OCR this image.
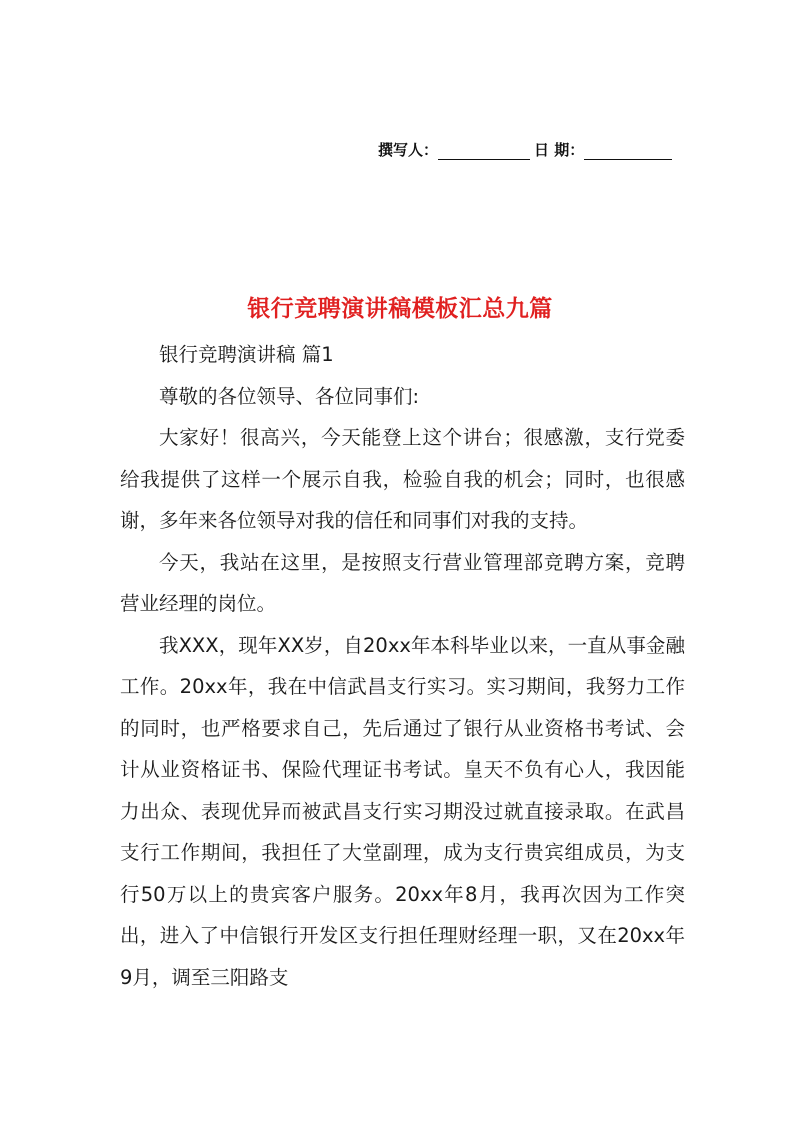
撰写人：	日 期：
银行竞聘演讲稿模板汇总九篇

银行竞聘演讲稿 篇1

尊敬的各位领导、各位同事们:

大家好！很高兴，今天能登上这个讲台；很感激，支行党委给我提供了这样一个展示自我，检验自我的机会；同时，也很感谢，多年来各位领导对我的信任和同事们对我的支持。

今天，我站在这里，是按照支行营业管理部竞聘方案，竞聘营业经理的岗位。

我XXX，现年XX岁，自20xx年本科毕业以来，一直从事金融工作。20xx年，我在中信武昌支行实习。实习期间，我努力工作的同时，也严格要求自己，先后通过了银行从业资格书考试、会计从业资格证书、保险代理证书考试。皇天不负有心人，我因能力出众、表现优异而被武昌支行实习期没过就直接录取。在武昌支行工作期间，我担任了大堂副理，成为支行贵宾组成员，为支行50万以上的贵宾客户服务。20xx年8月，我再次因为工作突出，进入了中信银行开发区支行担任理财经理一职，又在20xx年9月，调至三阳路支
